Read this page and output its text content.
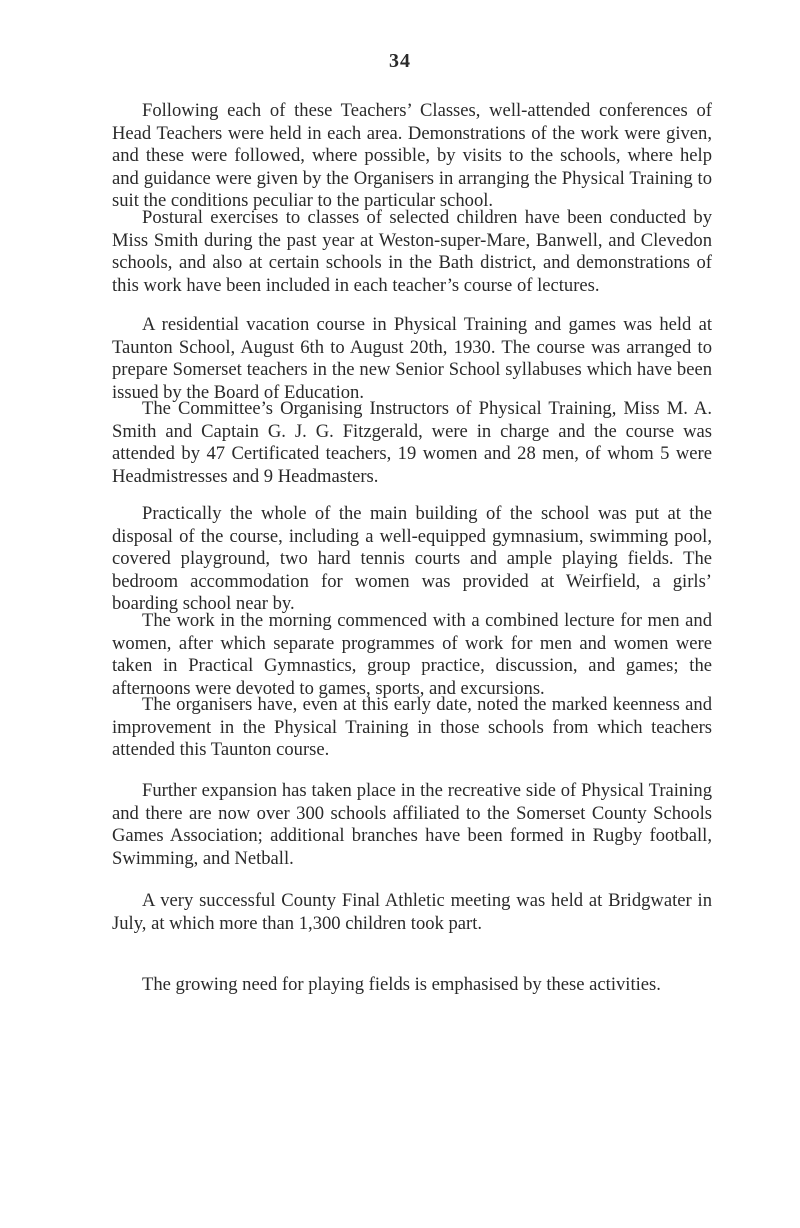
34

Following each of these Teachers’ Classes, well-attended conferences of Head Teachers were held in each area. Demonstrations of the work were given, and these were followed, where possible, by visits to the schools, where help and guidance were given by the Organisers in arranging the Physical Training to suit the conditions peculiar to the particular school.

Postural exercises to classes of selected children have been conducted by Miss Smith during the past year at Weston-super-Mare, Banwell, and Clevedon schools, and also at certain schools in the Bath district, and demonstrations of this work have been included in each teacher’s course of lectures.

A residential vacation course in Physical Training and games was held at Taunton School, August 6th to August 20th, 1930. The course was arranged to prepare Somerset teachers in the new Senior School syllabuses which have been issued by the Board of Education.

The Committee’s Organising Instructors of Physical Training, Miss M. A. Smith and Captain G. J. G. Fitzgerald, were in charge and the course was attended by 47 Certificated teachers, 19 women and 28 men, of whom 5 were Headmistresses and 9 Headmasters.

Practically the whole of the main building of the school was put at the disposal of the course, including a well-equipped gymnasium, swimming pool, covered playground, two hard tennis courts and ample playing fields. The bedroom accommodation for women was provided at Weirfield, a girls’ boarding school near by.

The work in the morning commenced with a combined lecture for men and women, after which separate programmes of work for men and women were taken in Practical Gymnastics, group practice, discussion, and games; the afternoons were devoted to games, sports, and excursions.

The organisers have, even at this early date, noted the marked keenness and improvement in the Physical Training in those schools from which teachers attended this Taunton course.

Further expansion has taken place in the recreative side of Physical Training and there are now over 300 schools affiliated to the Somerset County Schools Games Association; additional branches have been formed in Rugby football, Swimming, and Netball.

A very successful County Final Athletic meeting was held at Bridgwater in July, at which more than 1,300 children took part.

The growing need for playing fields is emphasised by these activities.
